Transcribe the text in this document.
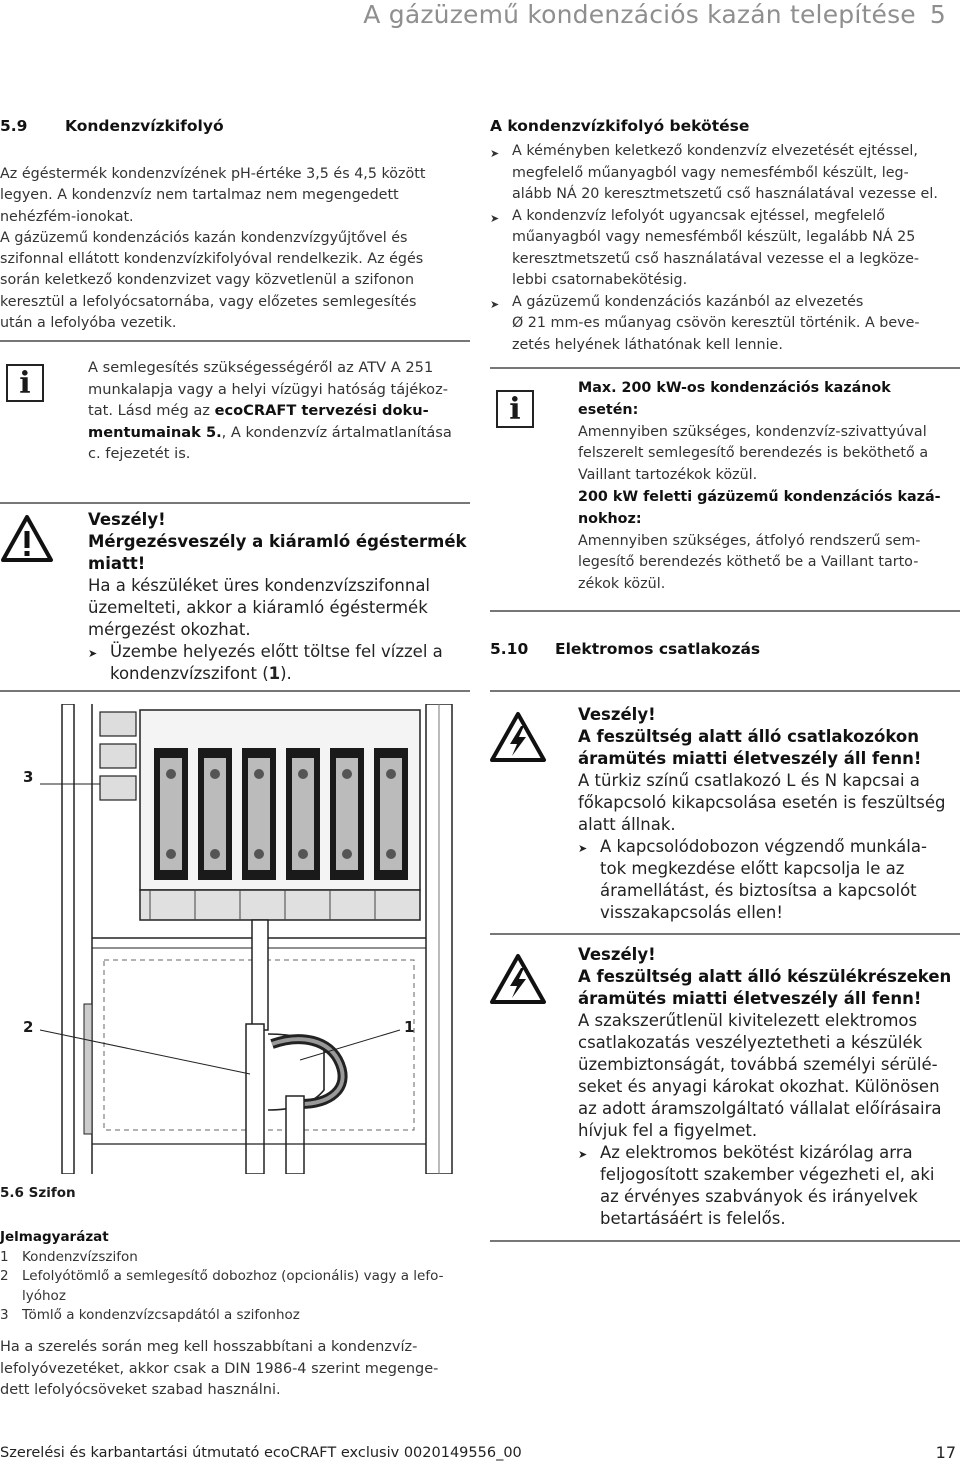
A gázüzemű kondenzációs kazán telepítése 5
5.9 Kondenzvízkifolyó

Az égéstermék kondenzvízének pH-értéke 3,5 és 4,5 között

legyen. A kondenzvíz nem tartalmaz nem megengedett

nehézfém-ionokat.

A gázüzemű kondenzációs kazán kondenzvízgyűjtővel és

szifonnal ellátott kondenzvízkifolyóval rendelkezik. Az égés

során keletkező kondenzvizet vagy közvetlenül a szifonon

keresztül a lefolyócsatornába, vagy előzetes semlegesítés

után a lefolyóba vezetik.

i	A semlegesítés szükségességéről az ATV A 251

munkalapja vagy a helyi vízügyi hatóság tájékoz-

tat. Lásd még az ecoCRAFT tervezési doku-

mentumainak 5., A kondenzvíz ártalmatlanítása

c. fejezetét is.

Veszély!

Mérgezésveszély a kiáramló égéstermék

miatt!

Ha a készüléket üres kondenzvízszifonnal

üzemelteti, akkor a kiáramló égéstermék

mérgezést okozhat.

➤ Üzembe helyezés előtt töltse fel vízzel a

kondenzvízszifont (1).

3
2	1
5.6 Szifon

Jelmagyarázat

1 Kondenzvízszifon
2 Lefolyótömlő a semlegesítő dobozhoz (opcionális) vagy a lefo-
lyóhoz
3 Tömlő a kondenzvízcsapdától a szifonhoz

Ha a szerelés során meg kell hosszabbítani a kondenzvíz-

lefolyóvezetéket, akkor csak a DIN 1986-4 szerint megenge-

dett lefolyócsöveket szabad használni.

A kondenzvízkifolyó bekötése
➤ A kéményben keletkező kondenzvíz elvezetését ejtéssel,

megfelelő műanyagból vagy nemesfémből készült, leg-

alább NÁ 20 keresztmetszetű cső használatával vezesse el.

➤ A kondenzvíz lefolyót ugyancsak ejtéssel, megfelelő

műanyagból vagy nemesfémből készült, legalább NÁ 25

keresztmetszetű cső használatával vezesse el a legköze-

lebbi csatornabekötésig.

➤ A gázüzemű kondenzációs kazánból az elvezetés

Ø 21 mm-es műanyag csövön keresztül történik. A beve-

zetés helyének láthatónak kell lennie.

i

Max. 200 kW-os kondenzációs kazánok

esetén:

Amennyiben szükséges, kondenzvíz-szivattyúval

felszerelt semlegesítő berendezés is beköthető a

Vaillant tartozékok közül.

200 kW feletti gázüzemű kondenzációs kazá-

nokhoz:

Amennyiben szükséges, átfolyó rendszerű sem-

legesítő berendezés köthető be a Vaillant tarto-

zékok közül.

5.10 Elektromos csatlakozás

Veszély!

A feszültség alatt álló csatlakozókon

áramütés miatti életveszély áll fenn!

A türkiz színű csatlakozó L és N kapcsai a

főkapcsoló kikapcsolása esetén is feszültség

alatt állnak.

➤ A kapcsolódobozon végzendő munkála-

tok megkezdése előtt kapcsolja le az

áramellátást, és biztosítsa a kapcsolót

visszakapcsolás ellen!

Veszély!

A feszültség alatt álló készülékrészeken

áramütés miatti életveszély áll fenn!

A szakszerűtlenül kivitelezett elektromos

csatlakozatás veszélyeztetheti a készülék

üzembiztonságát, továbbá személyi sérülé-

seket és anyagi károkat okozhat. Különösen

az adott áramszolgáltató vállalat előírásaira

hívjuk fel a figyelmet.

➤ Az elektromos bekötést kizárólag arra

feljogosított szakember végezheti el, aki

az érvényes szabványok és irányelvek

betartásáért is felelős.

Szerelési és karbantartási útmutató ecoCRAFT exclusiv 0020149556_00	17
